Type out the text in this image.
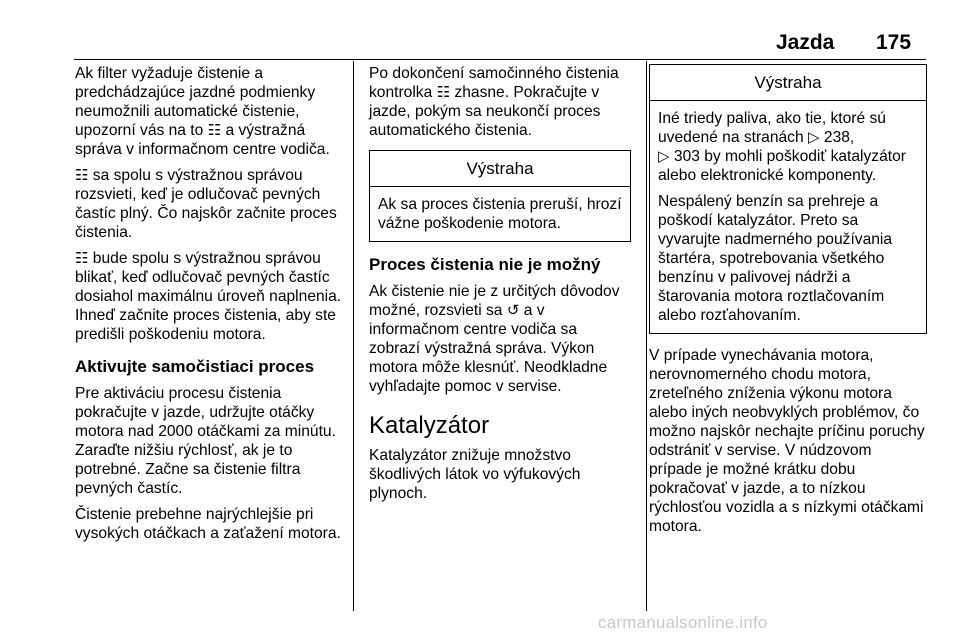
Jazda 175

Ak filter vyžaduje čistenie a predchádzajúce jazdné podmienky neumožnili automatické čistenie, upozorní vás na to ☷ a výstražná správa v informačnom centre vodiča.

☷ sa spolu s výstražnou správou rozsvieti, keď je odlučovač pevných častíc plný. Čo najskôr začnite proces čistenia.

☷ bude spolu s výstražnou správou blikať, keď odlučovač pevných častíc dosiahol maximálnu úroveň naplnenia. Ihneď začnite proces čistenia, aby ste predišli poškodeniu motora.

Aktivujte samočistiaci proces

Pre aktiváciu procesu čistenia pokračujte v jazde, udržujte otáčky motora nad 2000 otáčkami za minútu. Zaraďte nižšiu rýchlosť, ak je to potrebné. Začne sa čistenie filtra pevných častíc.

Čistenie prebehne najrýchlejšie pri vysokých otáčkach a zaťažení motora.

Po dokončení samočinného čistenia kontrolka ☷ zhasne. Pokračujte v jazde, pokým sa neukončí proces automatického čistenia.

Výstraha

Ak sa proces čistenia preruší, hrozí vážne poškodenie motora.

Proces čistenia nie je možný

Ak čistenie nie je z určitých dôvodov možné, rozsvieti sa ↺ a v informačnom centre vodiča sa zobrazí výstražná správa. Výkon motora môže klesnúť. Neodkladne vyhľadajte pomoc v servise.

Katalyzátor

Katalyzátor znižuje množstvo škodlivých látok vo výfukových plynoch.

Výstraha

Iné triedy paliva, ako tie, ktoré sú uvedené na stranách ▷ 238,
▷ 303 by mohli poškodiť katalyzátor alebo elektronické komponenty.

Nespálený benzín sa prehreje a poškodí katalyzátor. Preto sa vyvarujte nadmerného používania štartéra, spotrebovania všetkého benzínu v palivovej nádrži a štarovania motora roztlačovaním alebo rozťahovaním.

V prípade vynechávania motora, nerovnomerného chodu motora, zreteľného zníženia výkonu motora alebo iných neobvyklých problémov, čo možno najskôr nechajte príčinu poruchy odstrániť v servise. V núdzovom prípade je možné krátku dobu pokračovať v jazde, a to nízkou rýchlosťou vozidla a s nízkymi otáčkami motora.

carmanualsonline.info
